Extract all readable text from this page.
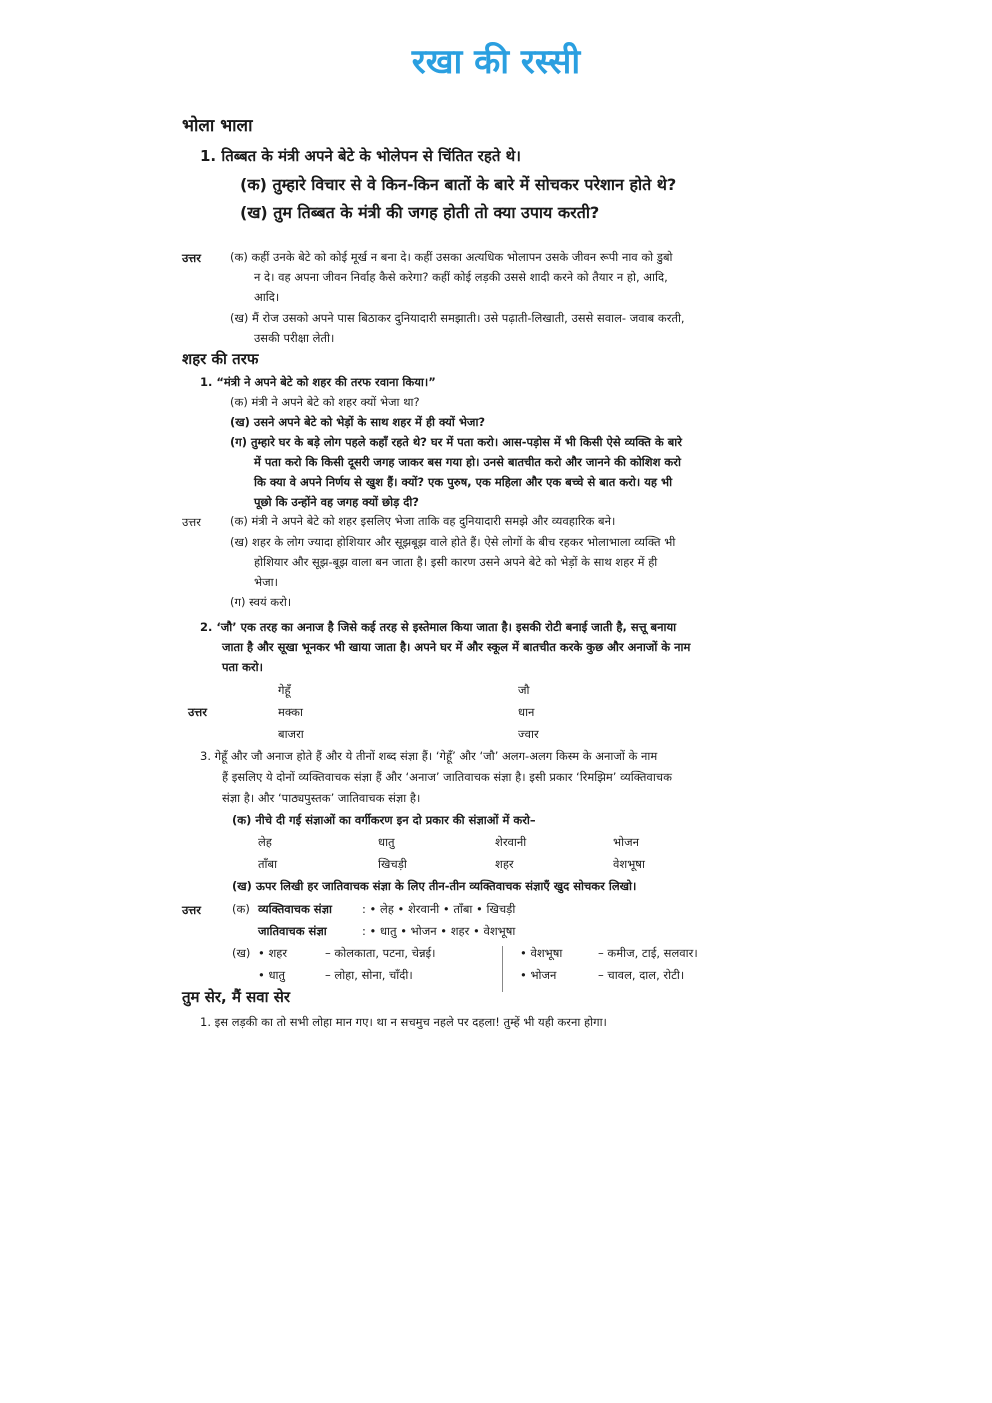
रखा की रस्सी
भोला भाला
1. तिब्बत के मंत्री अपने बेटे के भोलेपन से चिंतित रहते थे।
(क) तुम्हारे विचार से वे किन-किन बातों के बारे में सोचकर परेशान होते थे?
(ख) तुम तिब्बत के मंत्री की जगह होती तो क्या उपाय करती?
उत्तर	(क) कहीं उनके बेटे को कोई मूर्ख न बना दे। कहीं उसका अत्यधिक भोलापन उसके जीवन रूपी नाव को डुबो
न दे। वह अपना जीवन निर्वाह कैसे करेगा? कहीं कोई लड़की उससे शादी करने को तैयार न हो, आदि,
आदि।
(ख) मैं रोज उसको अपने पास बिठाकर दुनियादारी समझाती। उसे पढ़ाती-लिखाती, उससे सवाल- जवाब करती,
उसकी परीक्षा लेती।
शहर की तरफ
1. “मंत्री ने अपने बेटे को शहर की तरफ रवाना किया।”
(क) मंत्री ने अपने बेटे को शहर क्यों भेजा था?
(ख) उसने अपने बेटे को भेड़ों के साथ शहर में ही क्यों भेजा?
(ग) तुम्हारे घर के बड़े लोग पहले कहाँ रहते थे? घर में पता करो। आस-पड़ोस में भी किसी ऐसे व्यक्ति के बारे
में पता करो कि किसी दूसरी जगह जाकर बस गया हो। उनसे बातचीत करो और जानने की कोशिश करो
कि क्या वे अपने निर्णय से खुश हैं। क्यों? एक पुरुष, एक महिला और एक बच्चे से बात करो। यह भी
पूछो कि उन्होंने वह जगह क्यों छोड़ दी?
उत्तर	(क) मंत्री ने अपने बेटे को शहर इसलिए भेजा ताकि वह दुनियादारी समझे और व्यवहारिक बने।
(ख) शहर के लोग ज्यादा होशियार और सूझबूझ वाले होते हैं। ऐसे लोगों के बीच रहकर भोलाभाला व्यक्ति भी
होशियार और सूझ-बूझ वाला बन जाता है। इसी कारण उसने अपने बेटे को भेड़ों के साथ शहर में ही
भेजा।
(ग) स्वयं करो।
2. ‘जौ’ एक तरह का अनाज है जिसे कई तरह से इस्तेमाल किया जाता है। इसकी रोटी बनाई जाती है, सत्तू बनाया
जाता है और सूखा भूनकर भी खाया जाता है। अपने घर में और स्कूल में बातचीत करके कुछ और अनाजों के नाम
पता करो।
गेहूँ	जौ
उत्तर	मक्का	धान
बाजरा	ज्वार
3. गेहूँ और जौ अनाज होते हैं और ये तीनों शब्द संज्ञा हैं। ‘गेहूँ’ और ‘जौ’ अलग-अलग किस्म के अनाजों के नाम
हैं इसलिए ये दोनों व्यक्तिवाचक संज्ञा हैं और ‘अनाज’ जातिवाचक संज्ञा है। इसी प्रकार ‘रिमझिम’ व्यक्तिवाचक
संज्ञा है। और ‘पाठ्यपुस्तक’ जातिवाचक संज्ञा है।
(क) नीचे दी गई संज्ञाओं का वर्गीकरण इन दो प्रकार की संज्ञाओं में करो–
लेह	धातु	शेरवानी	भोजन
ताँबा	खिचड़ी	शहर	वेशभूषा
(ख) ऊपर लिखी हर जातिवाचक संज्ञा के लिए तीन-तीन व्यक्तिवाचक संज्ञाएँ खुद सोचकर लिखो।
उत्तर	(क) व्यक्तिवाचक संज्ञा	: • लेह • शेरवानी • ताँबा • खिचड़ी
जातिवाचक संज्ञा	: • धातु • भोजन • शहर • वेशभूषा
(ख) • शहर	– कोलकाता, पटना, चेन्नई।
• धातु	– लोहा, सोना, चाँदी।
• वेशभूषा	– कमीज, टाई, सलवार।
• भोजन	– चावल, दाल, रोटी।
तुम सेर, मैं सवा सेर
1. इस लड़की का तो सभी लोहा मान गए। था न सचमुच नहले पर दहला! तुम्हें भी यही करना होगा।
